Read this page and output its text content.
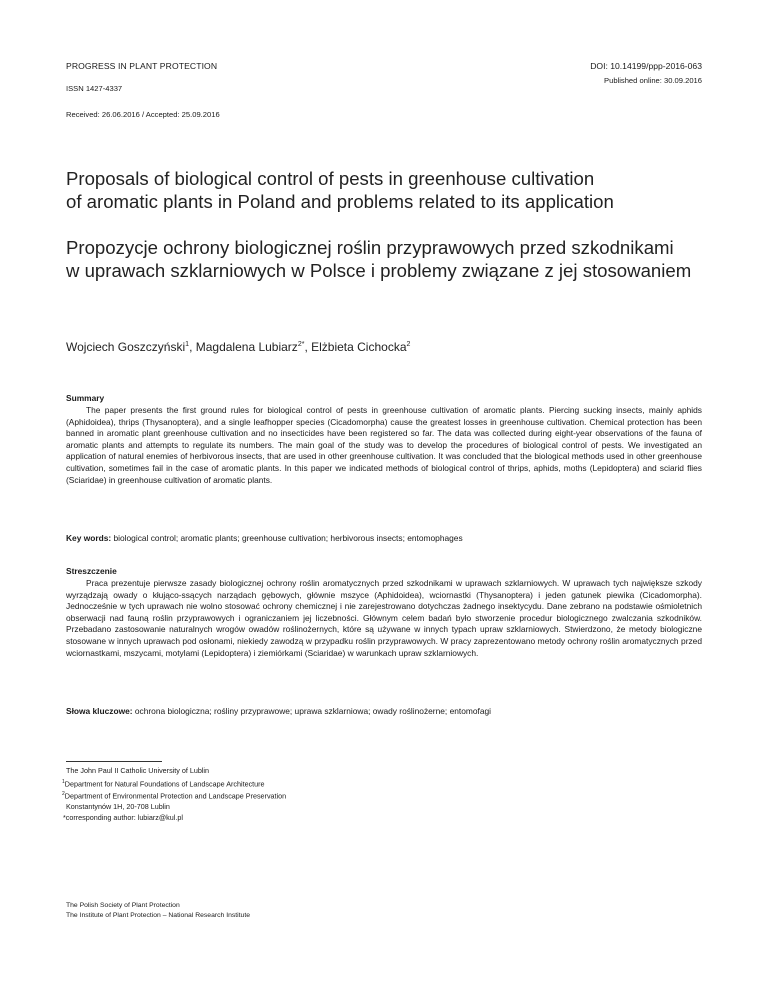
PROGRESS IN PLANT PROTECTION	DOI: 10.14199/ppp-2016-063
Published online: 30.09.2016
ISSN 1427-4337
Received: 26.06.2016 / Accepted: 25.09.2016
Proposals of biological control of pests in greenhouse cultivation
of aromatic plants in Poland and problems related to its application
Propozycje ochrony biologicznej roślin przyprawowych przed szkodnikami
w uprawach szklarniowych w Polsce i problemy związane z jej stosowaniem
Wojciech Goszczyński$^1$, Magdalena Lubiarz$^{2*}$, Elżbieta Cichocka$^2$
Summary

The paper presents the first ground rules for biological control of pests in greenhouse cultivation of aromatic plants. Piercing sucking insects, mainly aphids (Aphidoidea), thrips (Thysanoptera), and a single leafhopper species (Cicadomorpha) cause the greatest losses in greenhouse cultivation. Chemical protection has been banned in aromatic plant greenhouse cultivation and no insecticides have been registered so far. The data was collected during eight-year observations of the fauna of aromatic plants and attempts to regulate its numbers. The main goal of the study was to develop the procedures of biological control of pests. We investigated an application of natural enemies of herbivorous insects, that are used in other greenhouse cultivation. It was concluded that the biological methods used in other greenhouse cultivation, sometimes fail in the case of aromatic plants. In this paper we indicated methods of biological control of thrips, aphids, moths (Lepidoptera) and sciarid flies (Sciaridae) in greenhouse cultivation of aromatic plants.

Key words: biological control; aromatic plants; greenhouse cultivation; herbivorous insects; entomophages
Streszczenie

Praca prezentuje pierwsze zasady biologicznej ochrony roślin aromatycznych przed szkodnikami w uprawach szklarniowych. W uprawach tych największe szkody wyrządzają owady o kłująco-ssących narządach gębowych, głównie mszyce (Aphidoidea), wciornastki (Thysanoptera) i jeden gatunek piewika (Cicadomorpha). Jednocześnie w tych uprawach nie wolno stosować ochrony chemicznej i nie zarejestrowano dotychczas żadnego insektycydu. Dane zebrano na podstawie ośmioletnich obserwacji nad fauną roślin przyprawowych i ograniczaniem jej liczebności. Głównym celem badań było stworzenie procedur biologicznego zwalczania szkodników. Przebadano zastosowanie naturalnych wrogów owadów roślinożernych, które są używane w innych typach upraw szklarniowych. Stwierdzono, że metody biologiczne stosowane w innych uprawach pod osłonami, niekiedy zawodzą w przypadku roślin przyprawowych. W pracy zaprezentowano metody ochrony roślin aromatycznych przed wciornastkami, mszycami, motylami (Lepidoptera) i ziemiórkami (Sciaridae) w warunkach upraw szklarniowych.

Słowa kluczowe: ochrona biologiczna; rośliny przyprawowe; uprawa szklarniowa; owady roślinożerne; entomofagi
The John Paul II Catholic University of Lublin
$^1$Department for Natural Foundations of Landscape Architecture
$^2$Department of Environmental Protection and Landscape Preservation
Konstantynów 1H, 20-708 Lublin
*corresponding author: lubiarz@kul.pl
The Polish Society of Plant Protection
The Institute of Plant Protection – National Research Institute
